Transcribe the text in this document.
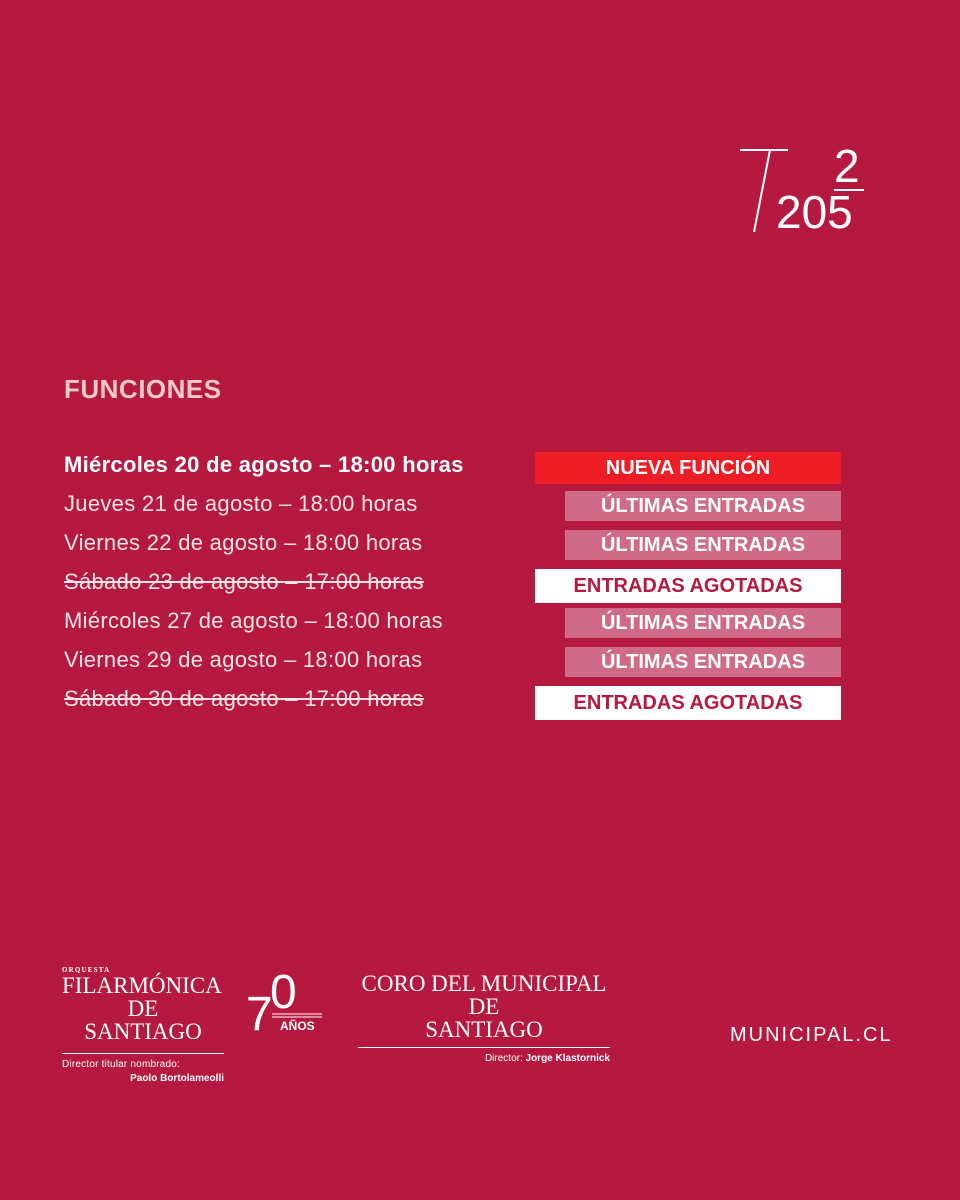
205
2
FUNCIONES
Miércoles 20 de agosto – 18:00 horas	NUEVA FUNCIÓN
Jueves 21 de agosto – 18:00 horas	ÚLTIMAS ENTRADAS
Viernes 22 de agosto – 18:00 horas	ÚLTIMAS ENTRADAS
Sábado 23 de agosto – 17:00 horas	ENTRADAS AGOTADAS
Miércoles 27 de agosto – 18:00 horas	ÚLTIMAS ENTRADAS
Viernes 29 de agosto – 18:00 horas	ÚLTIMAS ENTRADAS
Sábado 30 de agosto – 17:00 horas	ENTRADAS AGOTADAS
ORQUESTA
FILARMÓNICA
DE
SANTIAGO
Director titular nombrado:
Paolo Bortolameolli
7
0
AÑOS
CORO DEL MUNICIPAL
DE
SANTIAGO
Director: Jorge Klastornick
MUNICIPAL.CL
